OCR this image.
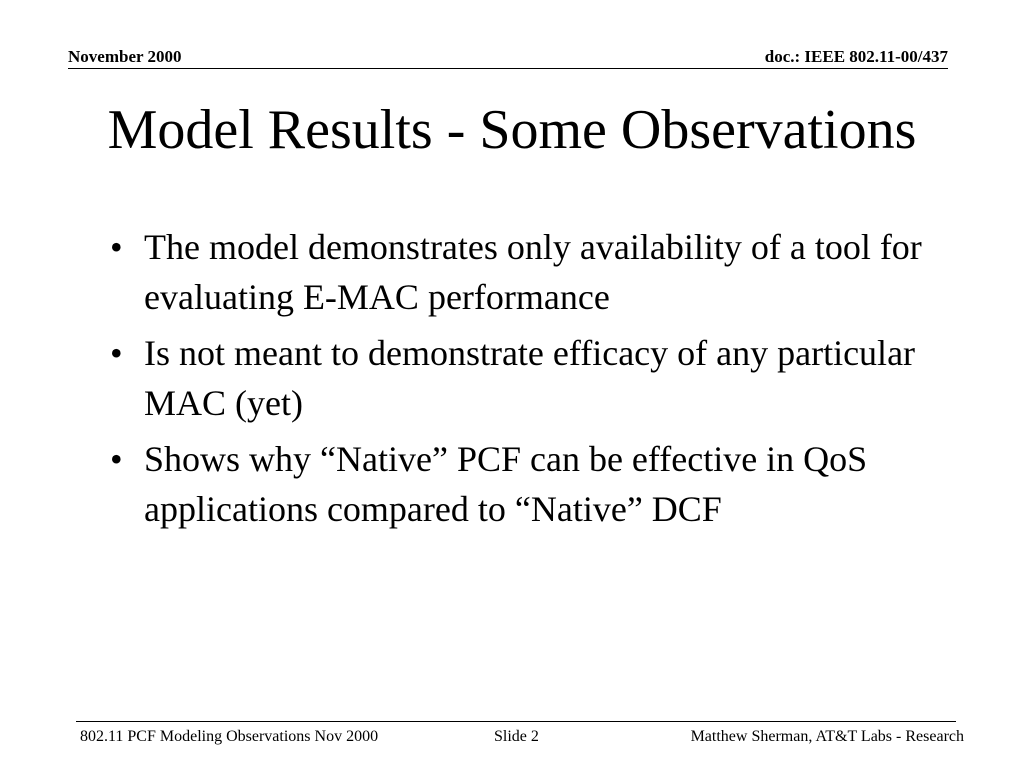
November 2000	doc.: IEEE 802.11-00/437
Model Results - Some Observations
• The model demonstrates only availability of a tool for evaluating E-MAC performance
• Is not meant to demonstrate efficacy of any particular MAC (yet)
• Shows why “Native” PCF can be effective in QoS applications compared to “Native” DCF
802.11 PCF Modeling Observations Nov 2000	Slide 2	Matthew Sherman, AT&T Labs - Research
